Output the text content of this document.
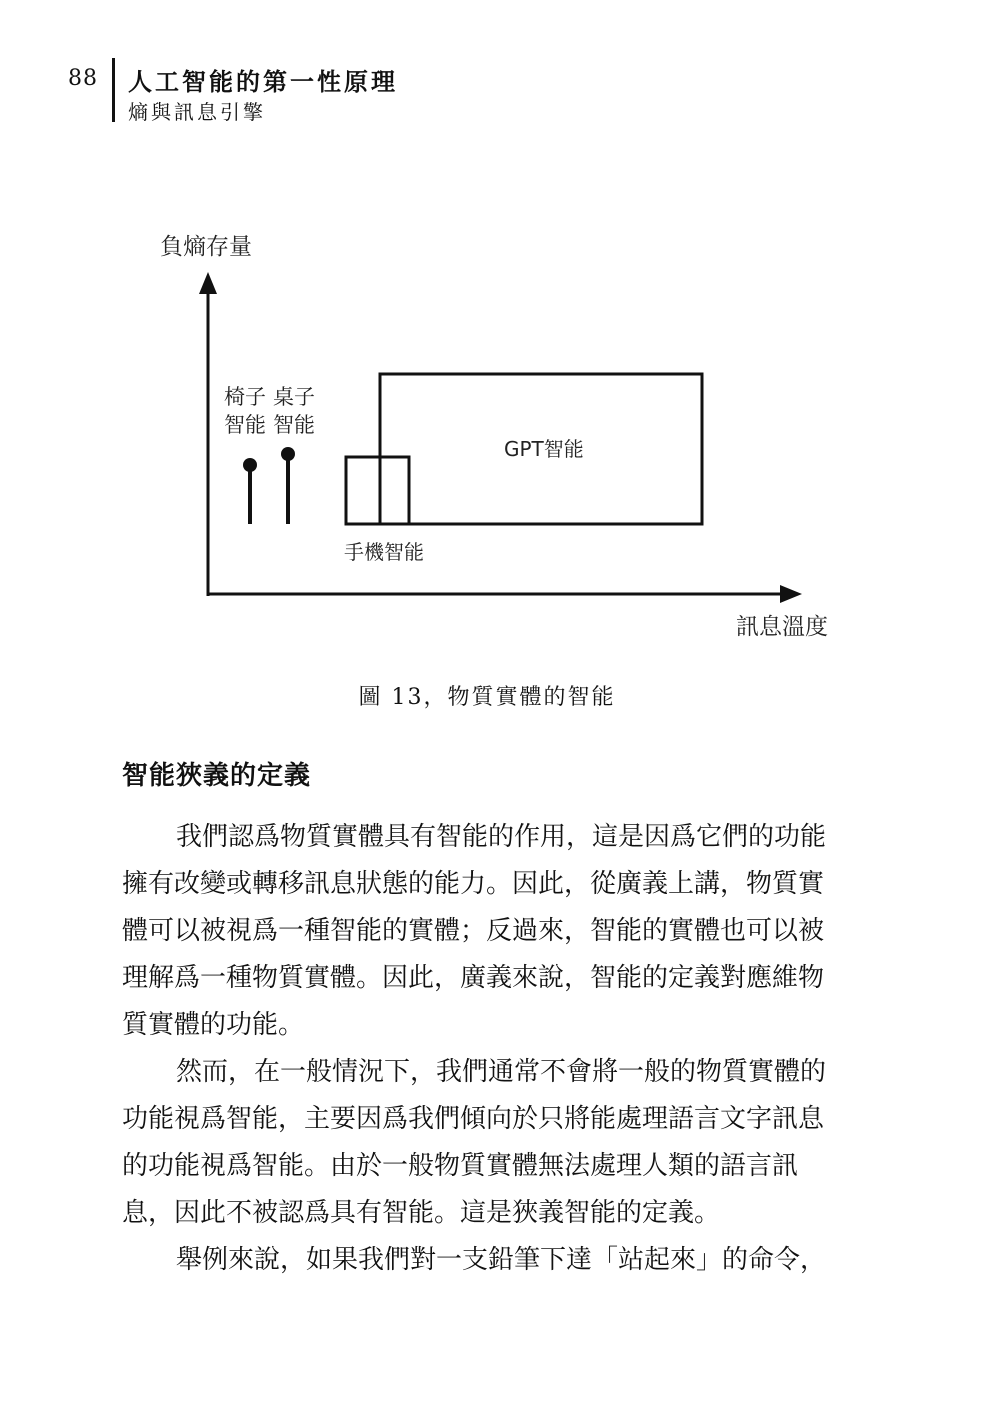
88 人工智能的第一性原理
熵與訊息引擎
負熵存量
訊息溫度
椅子
智能
桌子
智能
手機智能
GPT智能
圖 13，物質實體的智能
智能狹義的定義
我們認爲物質實體具有智能的作用，這是因爲它們的功能
擁有改變或轉移訊息狀態的能力。因此，從廣義上講，物質實
體可以被視爲一種智能的實體；反過來，智能的實體也可以被
理解爲一種物質實體。因此，廣義來說，智能的定義對應維物
質實體的功能。
然而，在一般情況下，我們通常不會將一般的物質實體的
功能視爲智能，主要因爲我們傾向於只將能處理語言文字訊息
的功能視爲智能。由於一般物質實體無法處理人類的語言訊
息，因此不被認爲具有智能。這是狹義智能的定義。
舉例來說，如果我們對一支鉛筆下達「站起來」的命令，
